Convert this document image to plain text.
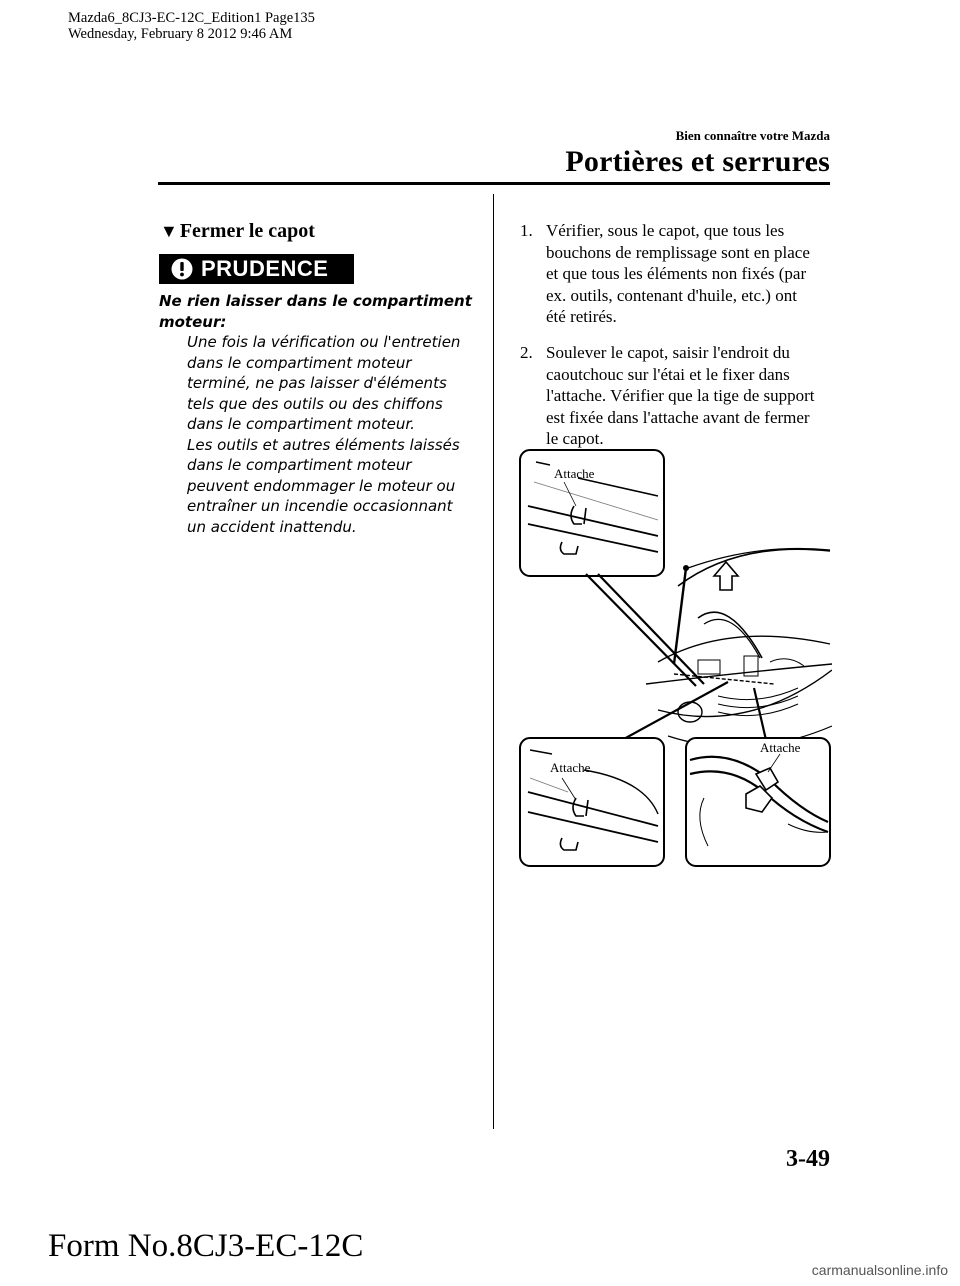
Mazda6_8CJ3-EC-12C_Edition1 Page135
Wednesday, February 8 2012 9:46 AM
Bien connaître votre Mazda
Portières et serrures
▼ Fermer le capot
PRUDENCE
Ne rien laisser dans le compartiment
moteur:
Une fois la vérification ou l'entretien
dans le compartiment moteur
terminé, ne pas laisser d'éléments
tels que des outils ou des chiffons
dans le compartiment moteur.
Les outils et autres éléments laissés
dans le compartiment moteur
peuvent endommager le moteur ou
entraîner un incendie occasionnant
un accident inattendu.
1. Vérifier, sous le capot, que tous les
bouchons de remplissage sont en place
et que tous les éléments non fixés (par
ex. outils, contenant d'huile, etc.) ont
été retirés.
2. Soulever le capot, saisir l'endroit du
caoutchouc sur l'étai et le fixer dans
l'attache. Vérifier que la tige de support
est fixée dans l'attache avant de fermer
le capot.
Attache
Attache
Attache
3-49
Form No.8CJ3-EC-12C
carmanualsonline.info
